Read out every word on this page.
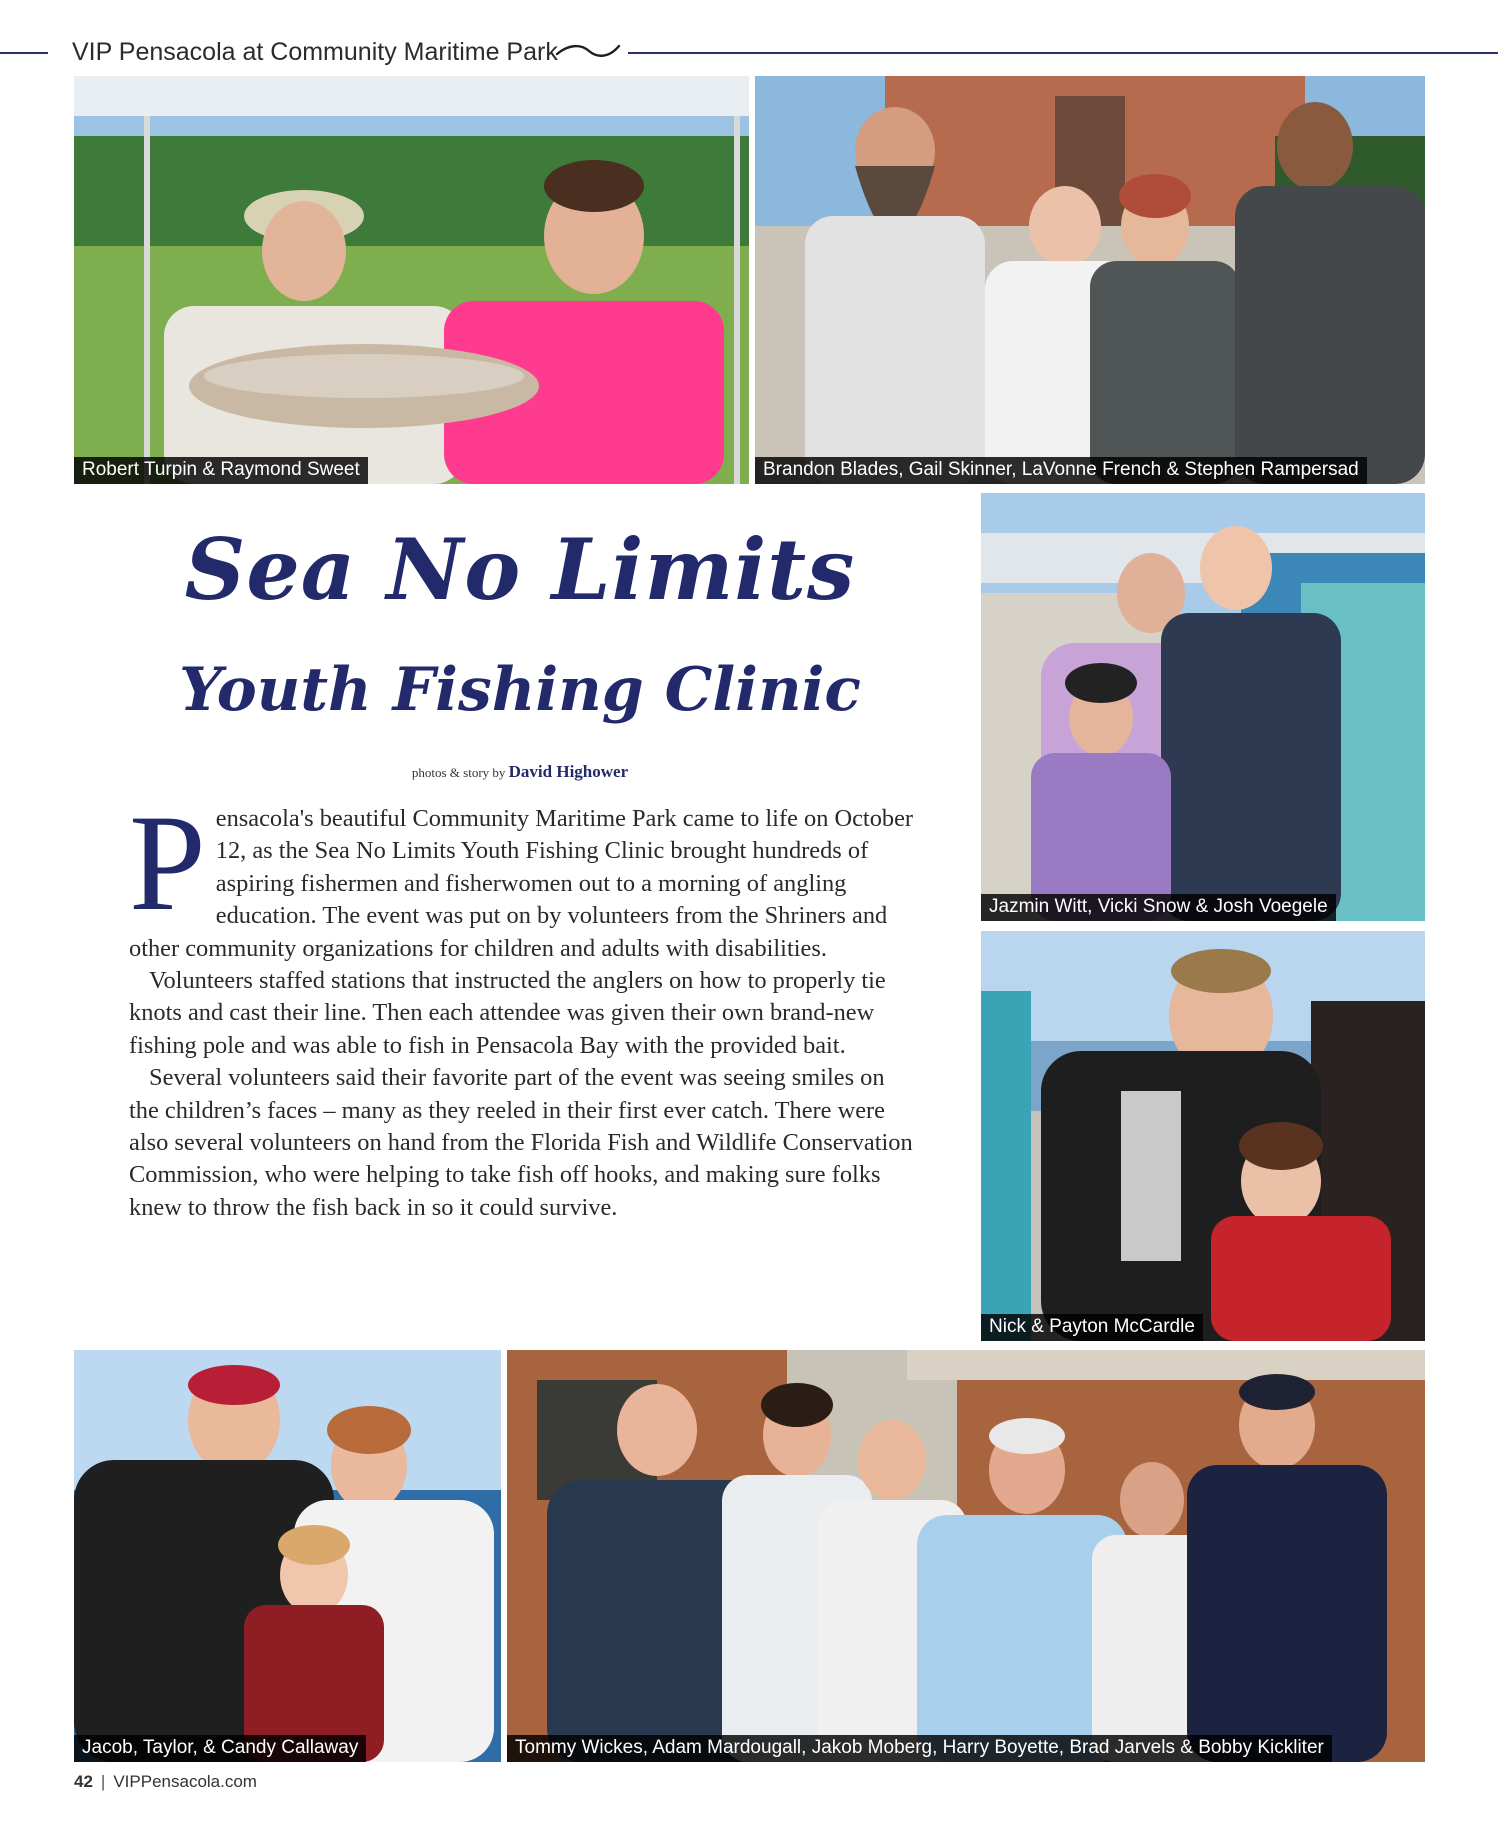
VIP Pensacola at Community Maritime Park
Robert Turpin & Raymond Sweet	Brandon Blades, Gail Skinner, LaVonne French & Stephen Rampersad
Sea No Limits
Youth Fishing Clinic
photos & story by David Highower
Jazmin Witt, Vicki Snow & Josh Voegele
P ensacola's beautiful Community Maritime Park came to life on October 12, as the Sea No Limits Youth Fishing Clinic brought hundreds of aspiring fishermen and fisherwomen out to a morning of angling education. The event was put on by volunteers from the Shriners and other community organizations for children and adults with disabilities.

Volunteers staffed stations that instructed the anglers on how to properly tie knots and cast their line. Then each attendee was given their own brand-new fishing pole and was able to fish in Pensacola Bay with the provided bait.

Several volunteers said their favorite part of the event was seeing smiles on the children’s faces – many as they reeled in their first ever catch. There were also several volunteers on hand from the Florida Fish and Wildlife Conservation Commission, who were helping to take fish off hooks, and making sure folks knew to throw the fish back in so it could survive.

Nick & Payton McCardle
Jacob, Taylor, & Candy Callaway	Tommy Wickes, Adam Mardougall, Jakob Moberg, Harry Boyette, Brad Jarvels & Bobby Kickliter
42 | VIPPensacola.com
